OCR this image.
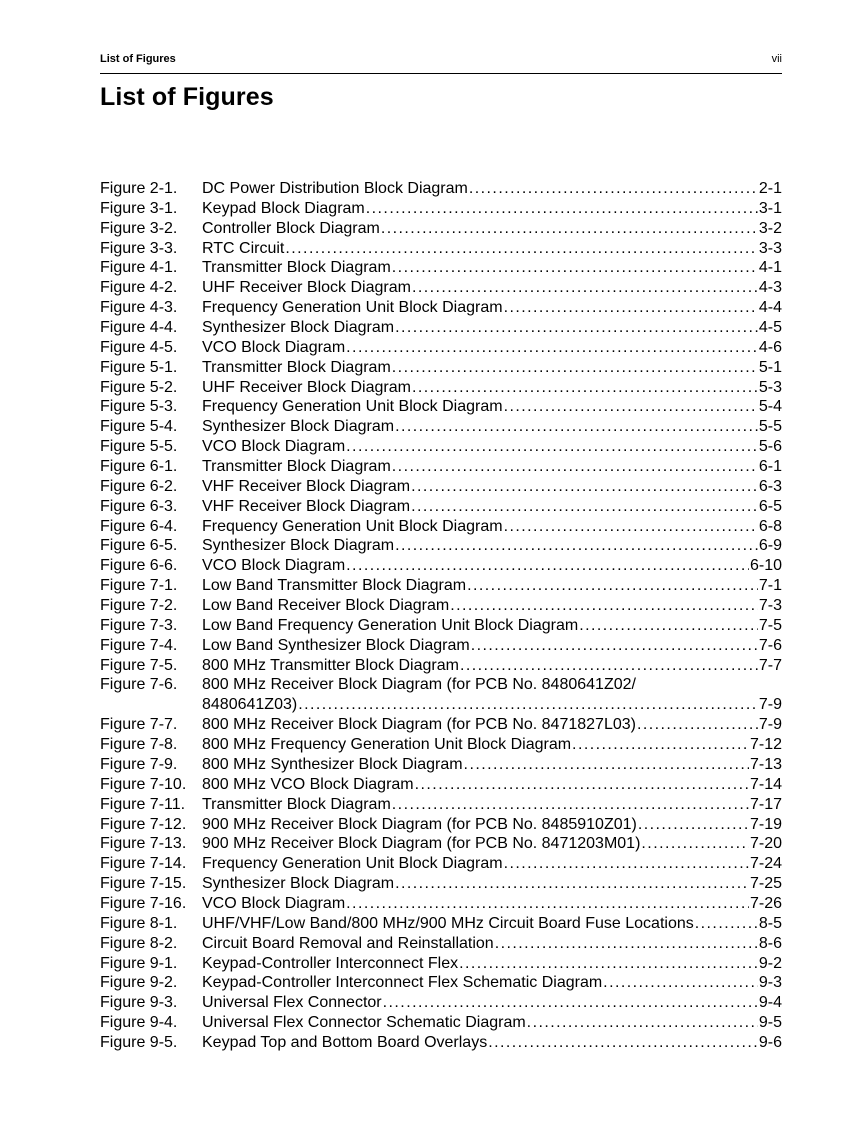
List of Figures	vii
List of Figures
Figure 2-1. DC Power Distribution Block Diagram . . .	2-1
Figure 3-1. Keypad Block Diagram . . .	3-1
Figure 3-2. Controller Block Diagram . . .	3-2
Figure 3-3. RTC Circuit . . .	3-3
Figure 4-1. Transmitter Block Diagram . . .	4-1
Figure 4-2. UHF Receiver Block Diagram . . .	4-3
Figure 4-3. Frequency Generation Unit Block Diagram . . .	4-4
Figure 4-4. Synthesizer Block Diagram . . .	4-5
Figure 4-5. VCO Block Diagram . . .	4-6
Figure 5-1. Transmitter Block Diagram . . .	5-1
Figure 5-2. UHF Receiver Block Diagram . . .	5-3
Figure 5-3. Frequency Generation Unit Block Diagram . . .	5-4
Figure 5-4. Synthesizer Block Diagram . . .	5-5
Figure 5-5. VCO Block Diagram . . .	5-6
Figure 6-1. Transmitter Block Diagram . . .	6-1
Figure 6-2. VHF Receiver Block Diagram . . .	6-3
Figure 6-3. VHF Receiver Block Diagram . . .	6-5
Figure 6-4. Frequency Generation Unit Block Diagram . . .	6-8
Figure 6-5. Synthesizer Block Diagram . . .	6-9
Figure 6-6. VCO Block Diagram . . .	6-10
Figure 7-1. Low Band Transmitter Block Diagram . . .	7-1
Figure 7-2. Low Band Receiver Block Diagram . . .	7-3
Figure 7-3. Low Band Frequency Generation Unit Block Diagram . . .	7-5
Figure 7-4. Low Band Synthesizer Block Diagram . . .	7-6
Figure 7-5. 800 MHz Transmitter Block Diagram . . .	7-7
Figure 7-6. 800 MHz Receiver Block Diagram (for PCB No. 8480641Z02/
8480641Z03) . . .	7-9
Figure 7-7. 800 MHz Receiver Block Diagram (for PCB No. 8471827L03) . . .	7-9
Figure 7-8. 800 MHz Frequency Generation Unit Block Diagram . . .	7-12
Figure 7-9. 800 MHz Synthesizer Block Diagram . . .	7-13
Figure 7-10. 800 MHz VCO Block Diagram . . .	7-14
Figure 7-11. Transmitter Block Diagram . . .	7-17
Figure 7-12. 900 MHz Receiver Block Diagram (for PCB No. 8485910Z01) . . .	7-19
Figure 7-13. 900 MHz Receiver Block Diagram (for PCB No. 8471203M01) . . .	7-20
Figure 7-14. Frequency Generation Unit Block Diagram . . .	7-24
Figure 7-15. Synthesizer Block Diagram . . .	7-25
Figure 7-16. VCO Block Diagram . . .	7-26
Figure 8-1. UHF/VHF/Low Band/800 MHz/900 MHz Circuit Board Fuse Locations . . .	8-5
Figure 8-2. Circuit Board Removal and Reinstallation . . .	8-6
Figure 9-1. Keypad-Controller Interconnect Flex . . .	9-2
Figure 9-2. Keypad-Controller Interconnect Flex Schematic Diagram . . .	9-3
Figure 9-3. Universal Flex Connector . . .	9-4
Figure 9-4. Universal Flex Connector Schematic Diagram . . .	9-5
Figure 9-5. Keypad Top and Bottom Board Overlays . . .	9-6
